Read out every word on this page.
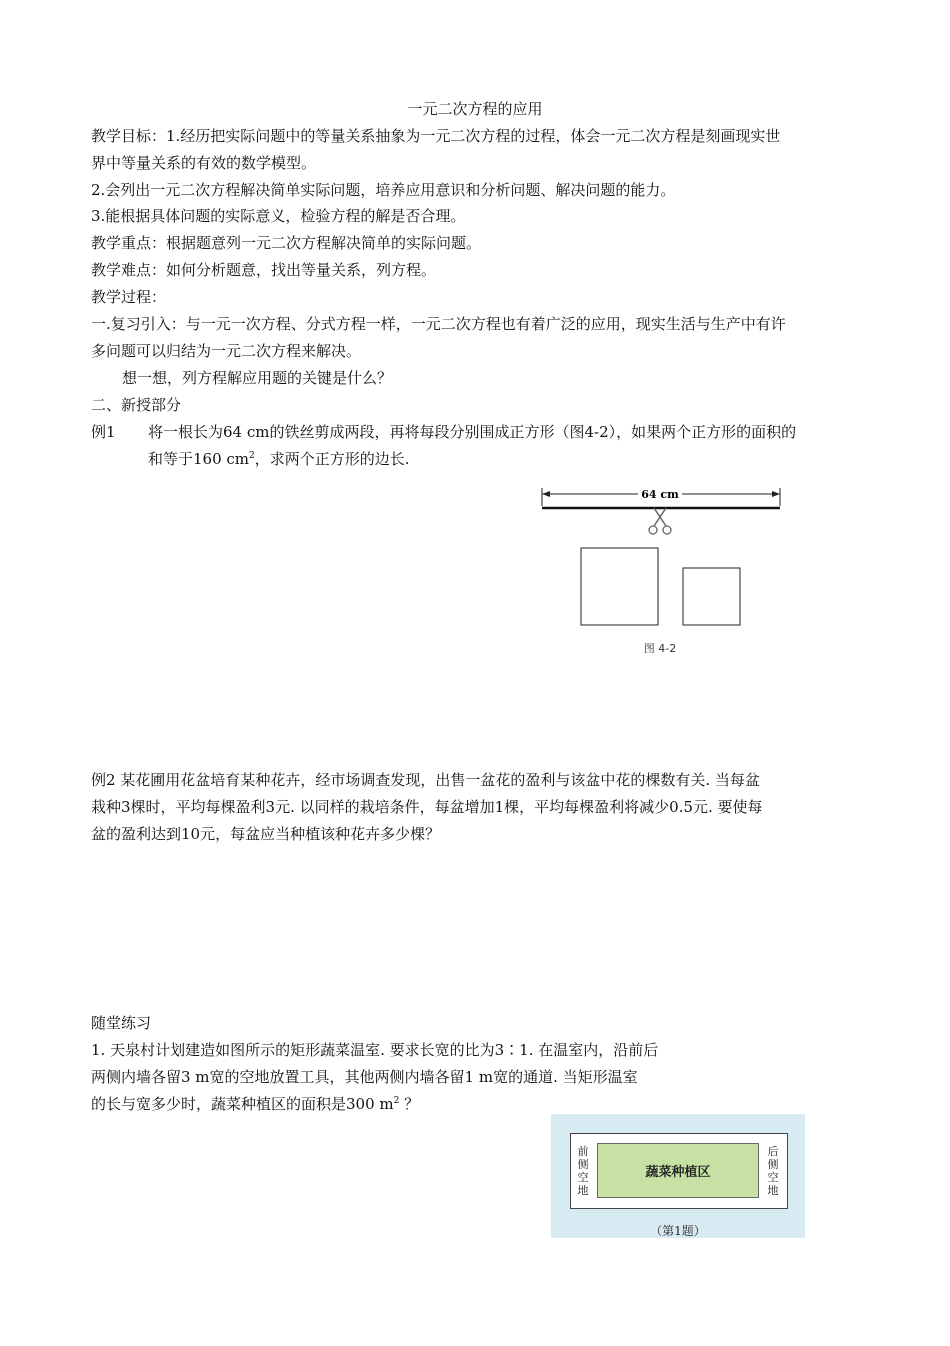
一元二次方程的应用
教学目标：1.经历把实际问题中的等量关系抽象为一元二次方程的过程，体会一元二次方程是刻画现实世
界中等量关系的有效的数学模型。
2.会列出一元二次方程解决简单实际问题，培养应用意识和分析问题、解决问题的能力。
3.能根据具体问题的实际意义，检验方程的解是否合理。
教学重点：根据题意列一元二次方程解决简单的实际问题。
教学难点：如何分析题意，找出等量关系，列方程。
教学过程：
一.复习引入：与一元一次方程、分式方程一样，一元二次方程也有着广泛的应用，现实生活与生产中有许
多问题可以归结为一元二次方程来解决。
想一想，列方程解应用题的关键是什么？
二、新授部分
例1 将一根长为64 cm的铁丝剪成两段，再将每段分别围成正方形（图4-2），如果两个正方形的面积的
和等于160 $cm^2$，求两个正方形的边长.
64 cm
图 4-2
例2 某花圃用花盆培育某种花卉，经市场调查发现，出售一盆花的盈利与该盆中花的棵数有关. 当每盆
栽种3棵时，平均每棵盈利3元. 以同样的栽培条件，每盆增加1棵，平均每棵盈利将减少0.5元. 要使每
盆的盈利达到10元，每盆应当种植该种花卉多少棵？
随堂练习
1. 天泉村计划建造如图所示的矩形蔬菜温室. 要求长宽的比为3∶1. 在温室内，沿前后
两侧内墙各留3 m宽的空地放置工具，其他两侧内墙各留1 m宽的通道. 当矩形温室
的长与宽多少时，蔬菜种植区的面积是300 $m^2$ ？
前侧空地
后侧空地
蔬菜种植区
（第1题）
